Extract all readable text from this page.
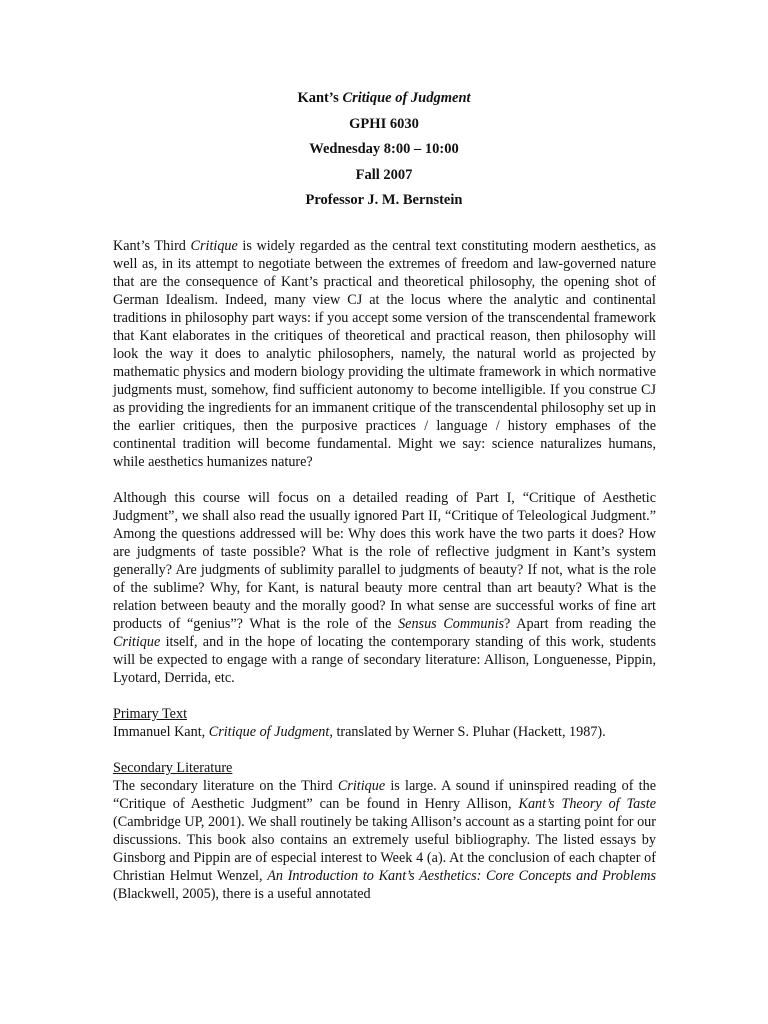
Kant’s Critique of Judgment
GPHI 6030
Wednesday 8:00 – 10:00
Fall 2007
Professor J. M. Bernstein

Kant’s Third Critique is widely regarded as the central text constituting modern aesthetics, as well as, in its attempt to negotiate between the extremes of freedom and law-governed nature that are the consequence of Kant’s practical and theoretical philosophy, the opening shot of German Idealism. Indeed, many view CJ at the locus where the analytic and continental traditions in philosophy part ways: if you accept some version of the transcendental framework that Kant elaborates in the critiques of theoretical and practical reason, then philosophy will look the way it does to analytic philosophers, namely, the natural world as projected by mathematic physics and modern biology providing the ultimate framework in which normative judgments must, somehow, find sufficient autonomy to become intelligible. If you construe CJ as providing the ingredients for an immanent critique of the transcendental philosophy set up in the earlier critiques, then the purposive practices / language / history emphases of the continental tradition will become fundamental. Might we say: science naturalizes humans, while aesthetics humanizes nature?

Although this course will focus on a detailed reading of Part I, “Critique of Aesthetic Judgment”, we shall also read the usually ignored Part II, “Critique of Teleological Judgment.” Among the questions addressed will be: Why does this work have the two parts it does? How are judgments of taste possible? What is the role of reflective judgment in Kant’s system generally? Are judgments of sublimity parallel to judgments of beauty? If not, what is the role of the sublime? Why, for Kant, is natural beauty more central than art beauty? What is the relation between beauty and the morally good? In what sense are successful works of fine art products of “genius”? What is the role of the Sensus Communis? Apart from reading the Critique itself, and in the hope of locating the contemporary standing of this work, students will be expected to engage with a range of secondary literature: Allison, Longuenesse, Pippin, Lyotard, Derrida, etc.

Primary Text

Immanuel Kant, Critique of Judgment, translated by Werner S. Pluhar (Hackett, 1987).

Secondary Literature

The secondary literature on the Third Critique is large. A sound if uninspired reading of the “Critique of Aesthetic Judgment” can be found in Henry Allison, Kant’s Theory of Taste (Cambridge UP, 2001). We shall routinely be taking Allison’s account as a starting point for our discussions. This book also contains an extremely useful bibliography. The listed essays by Ginsborg and Pippin are of especial interest to Week 4 (a). At the conclusion of each chapter of Christian Helmut Wenzel, An Introduction to Kant’s Aesthetics: Core Concepts and Problems (Blackwell, 2005), there is a useful annotated
